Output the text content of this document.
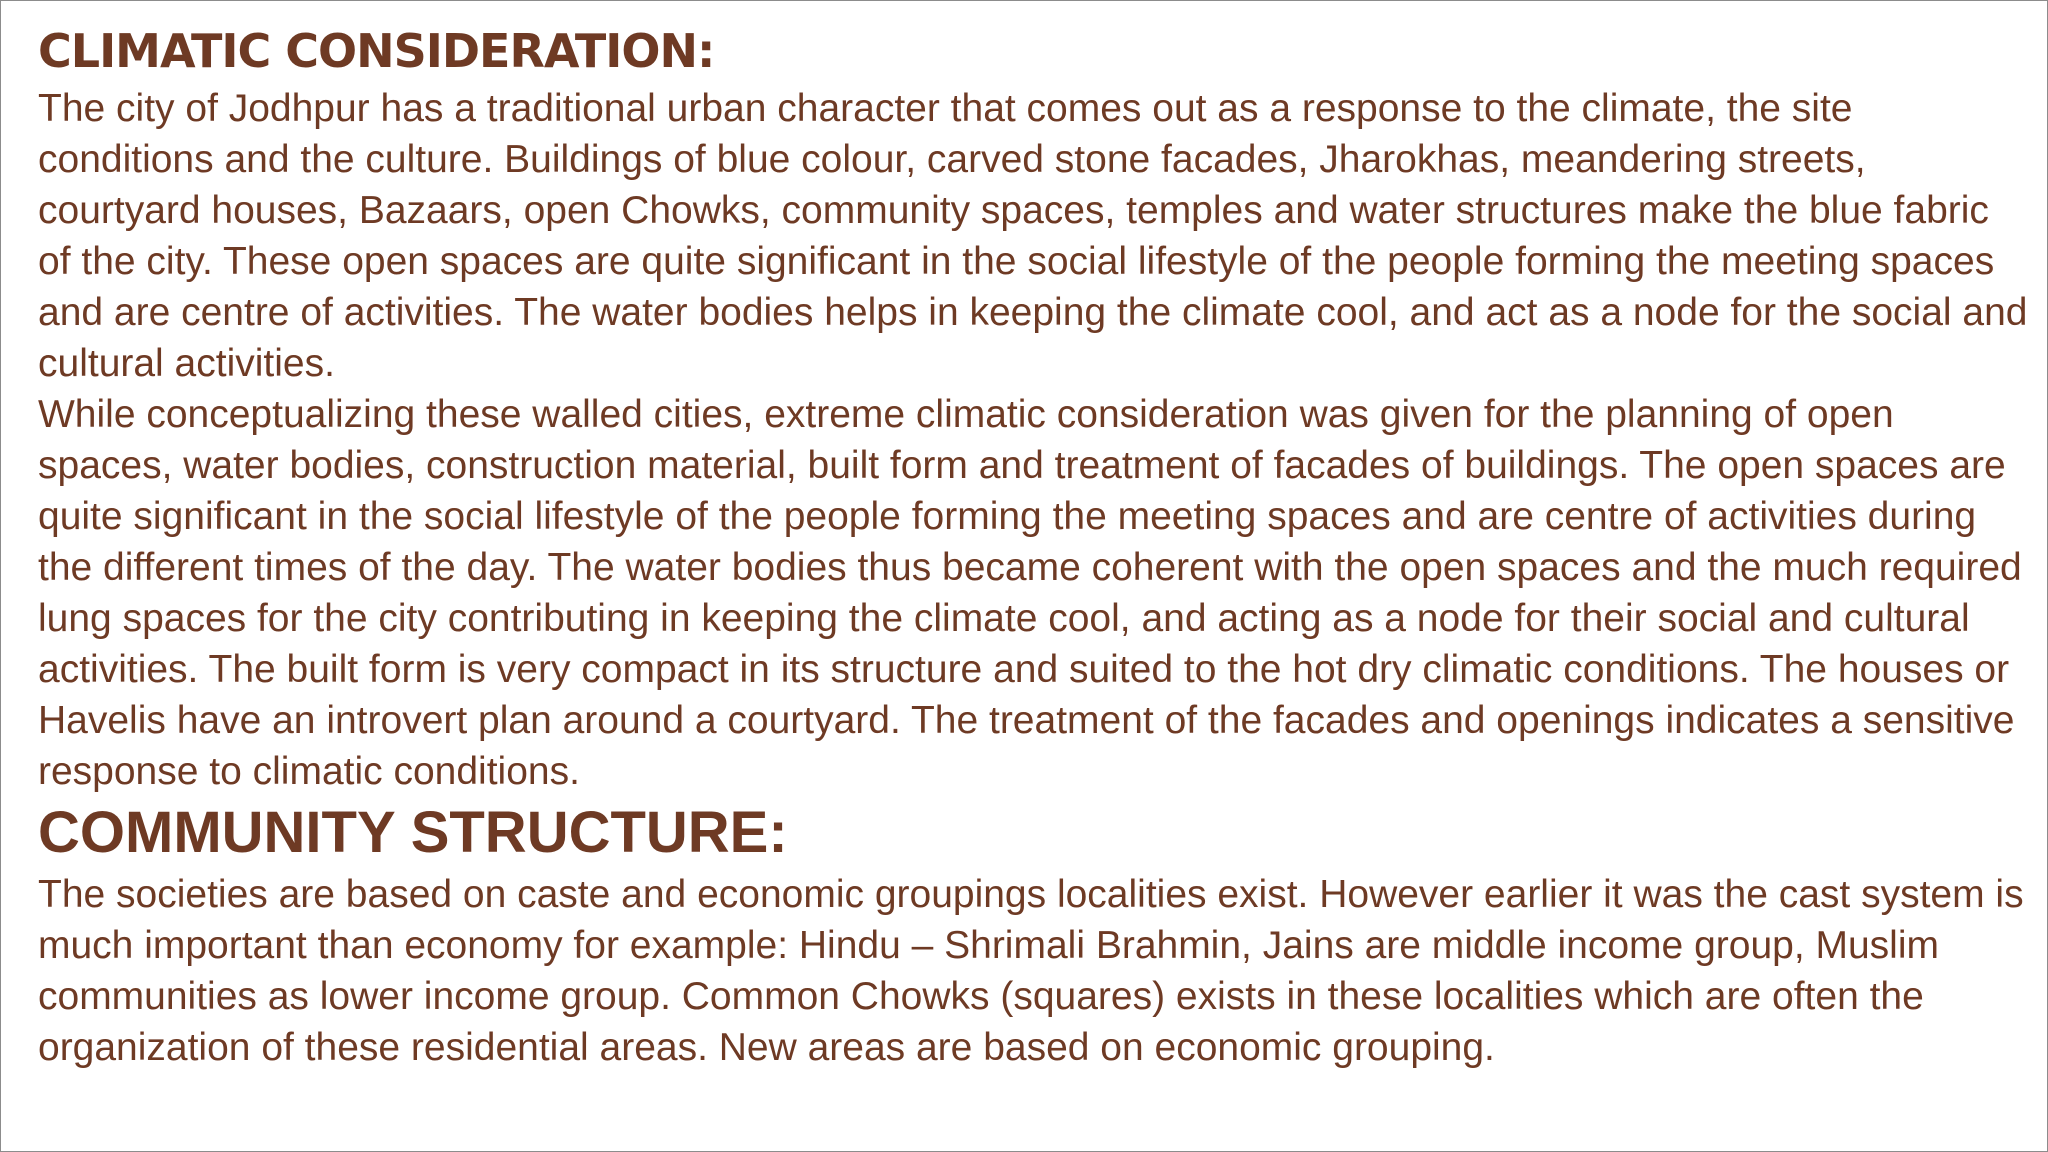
CLIMATIC CONSIDERATION:

The city of Jodhpur has a traditional urban character that comes out as a response to the climate, the site conditions and the culture. Buildings of blue colour, carved stone facades, Jharokhas, meandering streets, courtyard houses, Bazaars, open Chowks, community spaces, temples and water structures make the blue fabric of the city. These open spaces are quite significant in the social lifestyle of the people forming the meeting spaces and are centre of activities. The water bodies helps in keeping the climate cool, and act as a node for the social and cultural activities.

While conceptualizing these walled cities, extreme climatic consideration was given for the planning of open spaces, water bodies, construction material, built form and treatment of facades of buildings. The open spaces are quite significant in the social lifestyle of the people forming the meeting spaces and are centre of activities during the different times of the day. The water bodies thus became coherent with the open spaces and the much required lung spaces for the city contributing in keeping the climate cool, and acting as a node for their social and cultural activities. The built form is very compact in its structure and suited to the hot dry climatic conditions. The houses or Havelis have an introvert plan around a courtyard. The treatment of the facades and openings indicates a sensitive response to climatic conditions.

COMMUNITY STRUCTURE:

The societies are based on caste and economic groupings localities exist. However earlier it was the cast system is much important than economy for example: Hindu – Shrimali Brahmin, Jains are middle income group, Muslim communities as lower income group. Common Chowks (squares) exists in these localities which are often the organization of these residential areas. New areas are based on economic grouping.
